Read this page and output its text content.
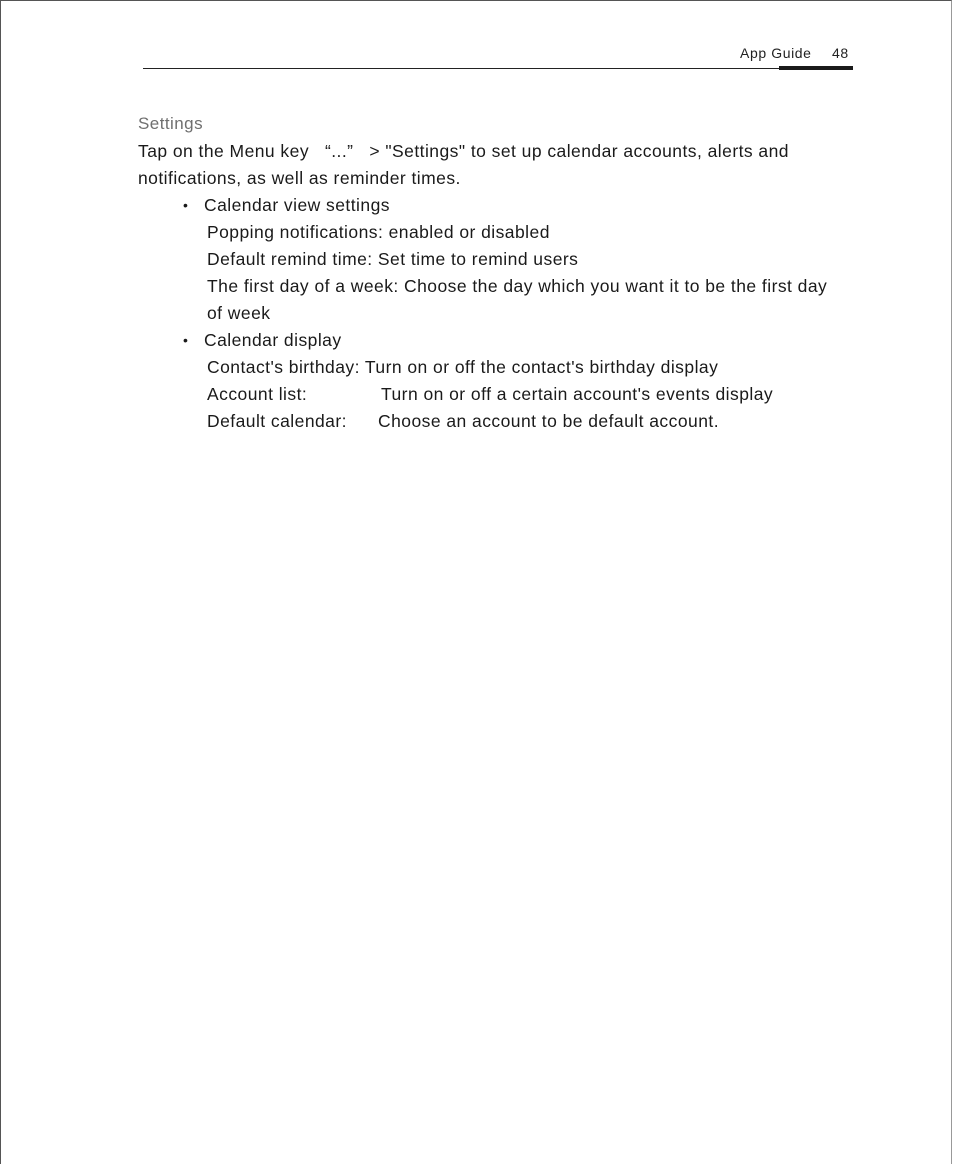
App Guide 48
Settings
Tap on the Menu key   “...”   > "Settings" to set up calendar accounts, alerts and notifications, as well as reminder times.
• Calendar view settings
Popping notifications: enabled or disabled
Default remind time: Set time to remind users
The first day of a week: Choose the day which you want it to be the first day of week
• Calendar display
Contact's birthday: Turn on or off the contact's birthday display
Account list:	Turn on or off a certain account's events display
Default calendar: Choose an account to be default account.
